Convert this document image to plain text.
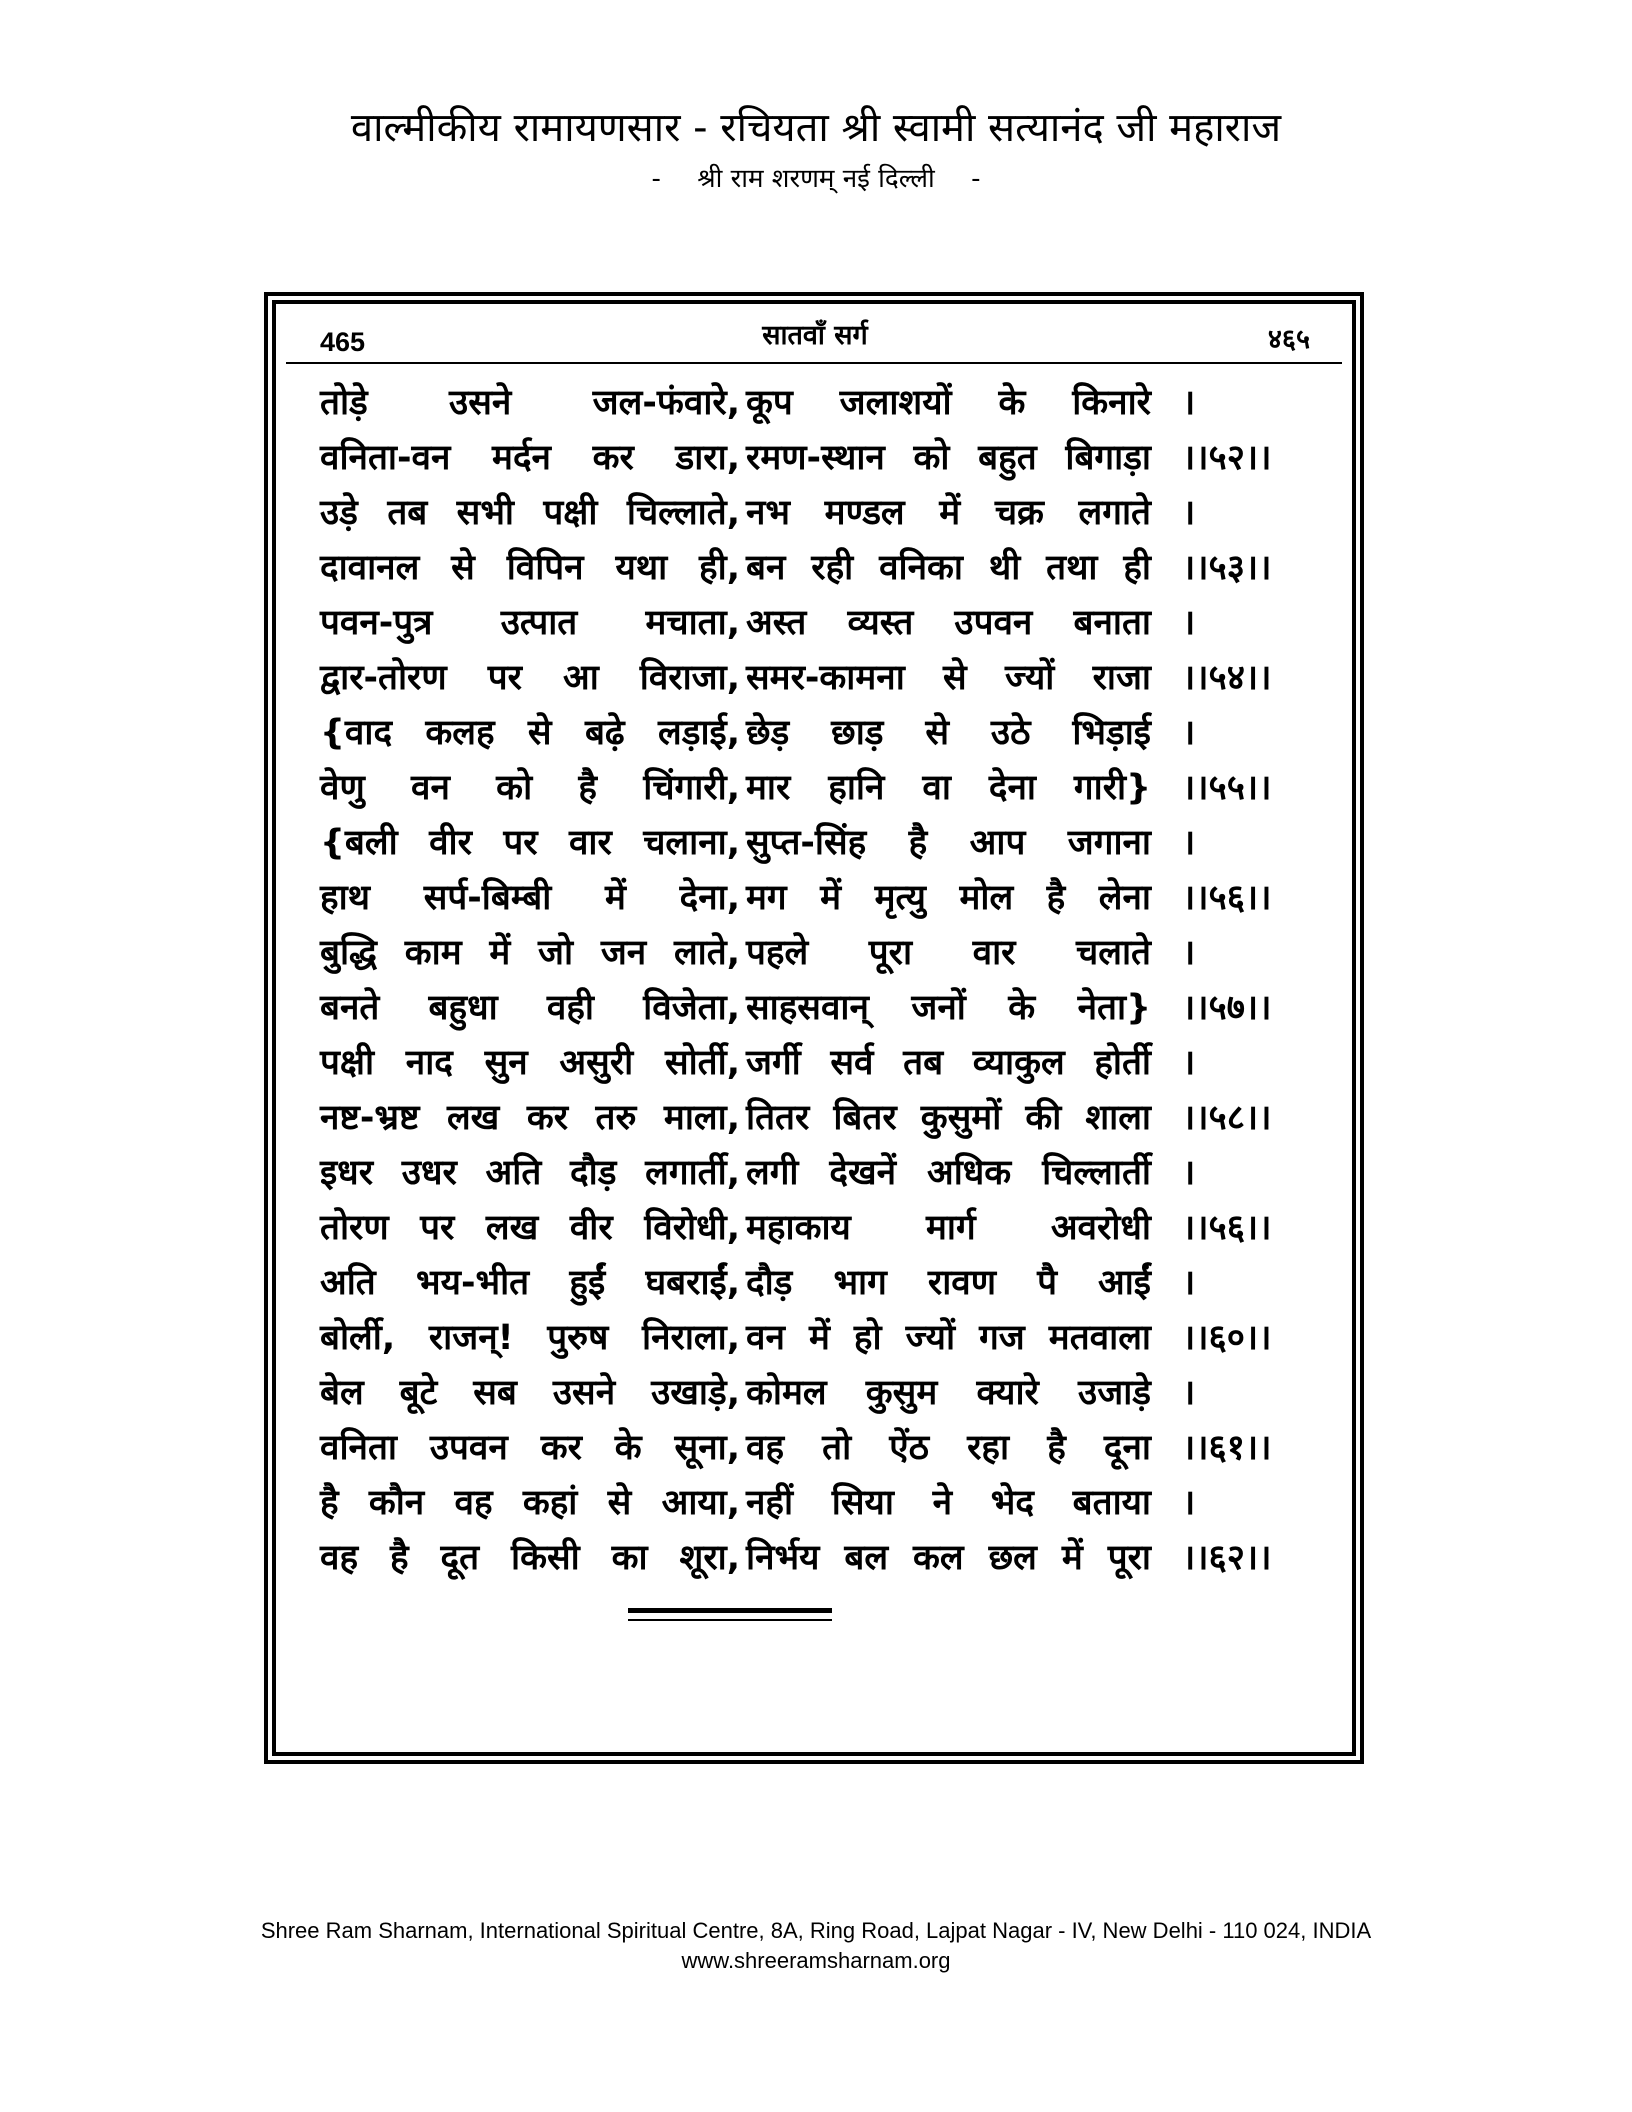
वाल्मीकीय रामायणसार - रचियता श्री स्वामी सत्यानंद जी महाराज
- श्री राम शरणम् नई दिल्ली -
465	सातवाँ सर्ग	४६५
तोड़े उसने जल-फंवारे, कूप जलाशयों के किनारे ।
वनिता-वन मर्दन कर डारा, रमण-स्थान को बहुत बिगाड़ा ।।५२।।
उड़े तब सभी पक्षी चिल्लाते, नभ मण्डल में चक्र लगाते ।
दावानल से विपिन यथा ही, बन रही वनिका थी तथा ही ।।५३।।
पवन-पुत्र उत्पात मचाता, अस्त व्यस्त उपवन बनाता ।
द्वार-तोरण पर आ विराजा, समर-कामना से ज्यों राजा ।।५४।।
{वाद कलह से बढ़े लड़ाई, छेड़ छाड़ से उठे भिड़ाई ।
वेणु वन को है चिंगारी, मार हानि वा देना गारी} ।।५५।।
{बली वीर पर वार चलाना, सुप्त-सिंह है आप जगाना ।
हाथ सर्प-बिम्बी में देना, मग में मृत्यु मोल है लेना ।।५६।।
बुद्धि काम में जो जन लाते, पहले पूरा वार चलाते ।
बनते बहुधा वही विजेता, साहसवान् जनों के नेता} ।।५७।।
पक्षी नाद सुन असुरी सोर्ती, जर्गी सर्व तब व्याकुल होर्ती ।
नष्ट-भ्रष्ट लख कर तरु माला, तितर बितर कुसुमों की शाला ।।५८।।
इधर उधर अति दौड़ लगार्ती, लगी देखनें अधिक चिल्लार्ती ।
तोरण पर लख वीर विरोधी, महाकाय मार्ग अवरोधी ।।५६।।
अति भय-भीत हुईं घबराईं, दौड़ भाग रावण पै आईं ।
बोर्ली, राजन्! पुरुष निराला, वन में हो ज्यों गज मतवाला ।।६०।।
बेल बूटे सब उसने उखाड़े, कोमल कुसुम क्यारे उजाड़े ।
वनिता उपवन कर के सूना, वह तो ऐंठ रहा है दूना ।।६१।।
है कौन वह कहां से आया, नहीं सिया ने भेद बताया ।
वह है दूत किसी का शूरा, निर्भय बल कल छल में पूरा ।।६२।।
Shree Ram Sharnam, International Spiritual Centre, 8A, Ring Road, Lajpat Nagar - IV, New Delhi - 110 024, INDIA
www.shreeramsharnam.org
